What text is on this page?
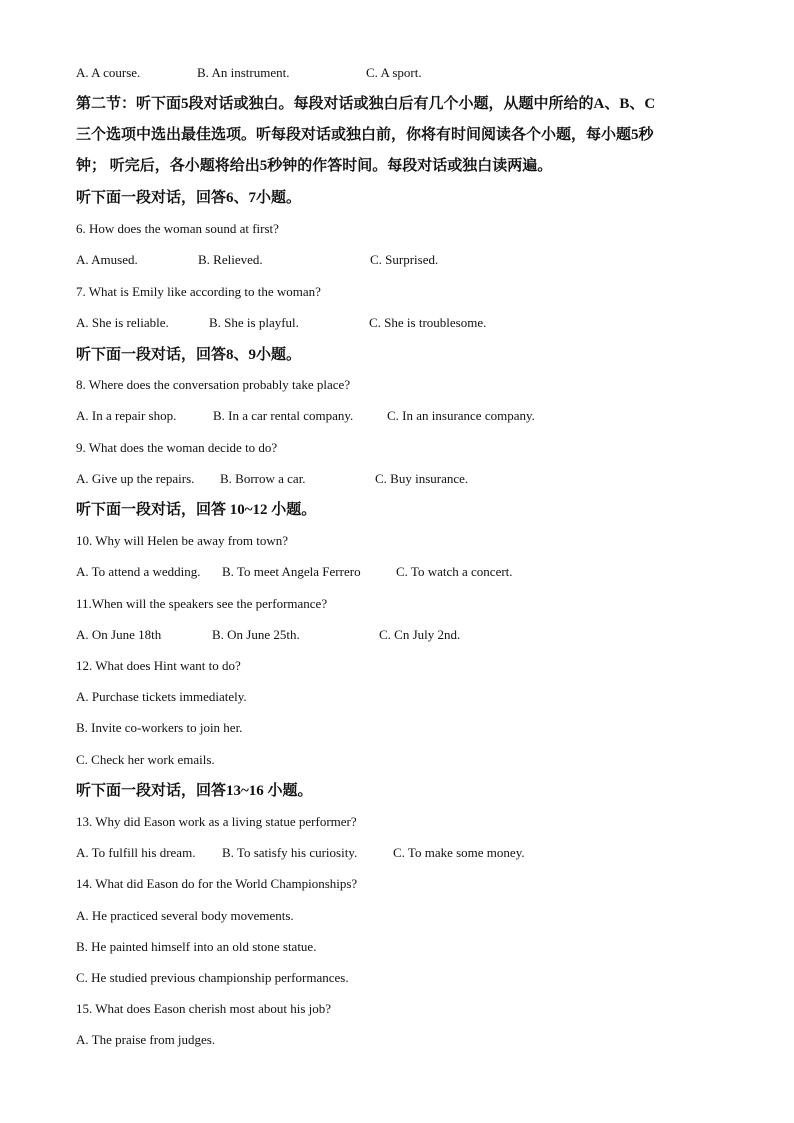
A. A course.	B. An instrument.	C. A sport.
第二节：听下面5段对话或独白。每段对话或独白后有几个小题，从题中所给的A、B、C
三个选项中选出最佳选项。听每段对话或独白前，你将有时间阅读各个小题，每小题5秒
钟； 听完后，各小题将给出5秒钟的作答时间。每段对话或独白读两遍。
听下面一段对话，回答6、7小题。
6. How does the woman sound at first?
A. Amused.	B. Relieved.	C. Surprised.
7. What is Emily like according to the woman?
A. She is reliable.	B. She is playful.	C. She is troublesome.
听下面一段对话，回答8、9小题。
8. Where does the conversation probably take place?
A. In a repair shop.	B. In a car rental company.	C. In an insurance company.
9. What does the woman decide to do?
A. Give up the repairs. B. Borrow a car.	C. Buy insurance.
听下面一段对话，回答 10~12 小题。
10. Why will Helen be away from town?
A. To attend a wedding. B. To meet Angela Ferrero	C. To watch a concert.
11.When will the speakers see the performance?
A. On June 18th	B. On June 25th.	C. Cn July 2nd.
12. What does Hint want to do?
A. Purchase tickets immediately.
B. Invite co-workers to join her.
C. Check her work emails.
听下面一段对话，回答13~16 小题。
13. Why did Eason work as a living statue performer?
A. To fulfill his dream. B. To satisfy his curiosity.	C. To make some money.
14. What did Eason do for the World Championships?
A. He practiced several body movements.
B. He painted himself into an old stone statue.
C. He studied previous championship performances.
15. What does Eason cherish most about his job?
A. The praise from judges.
